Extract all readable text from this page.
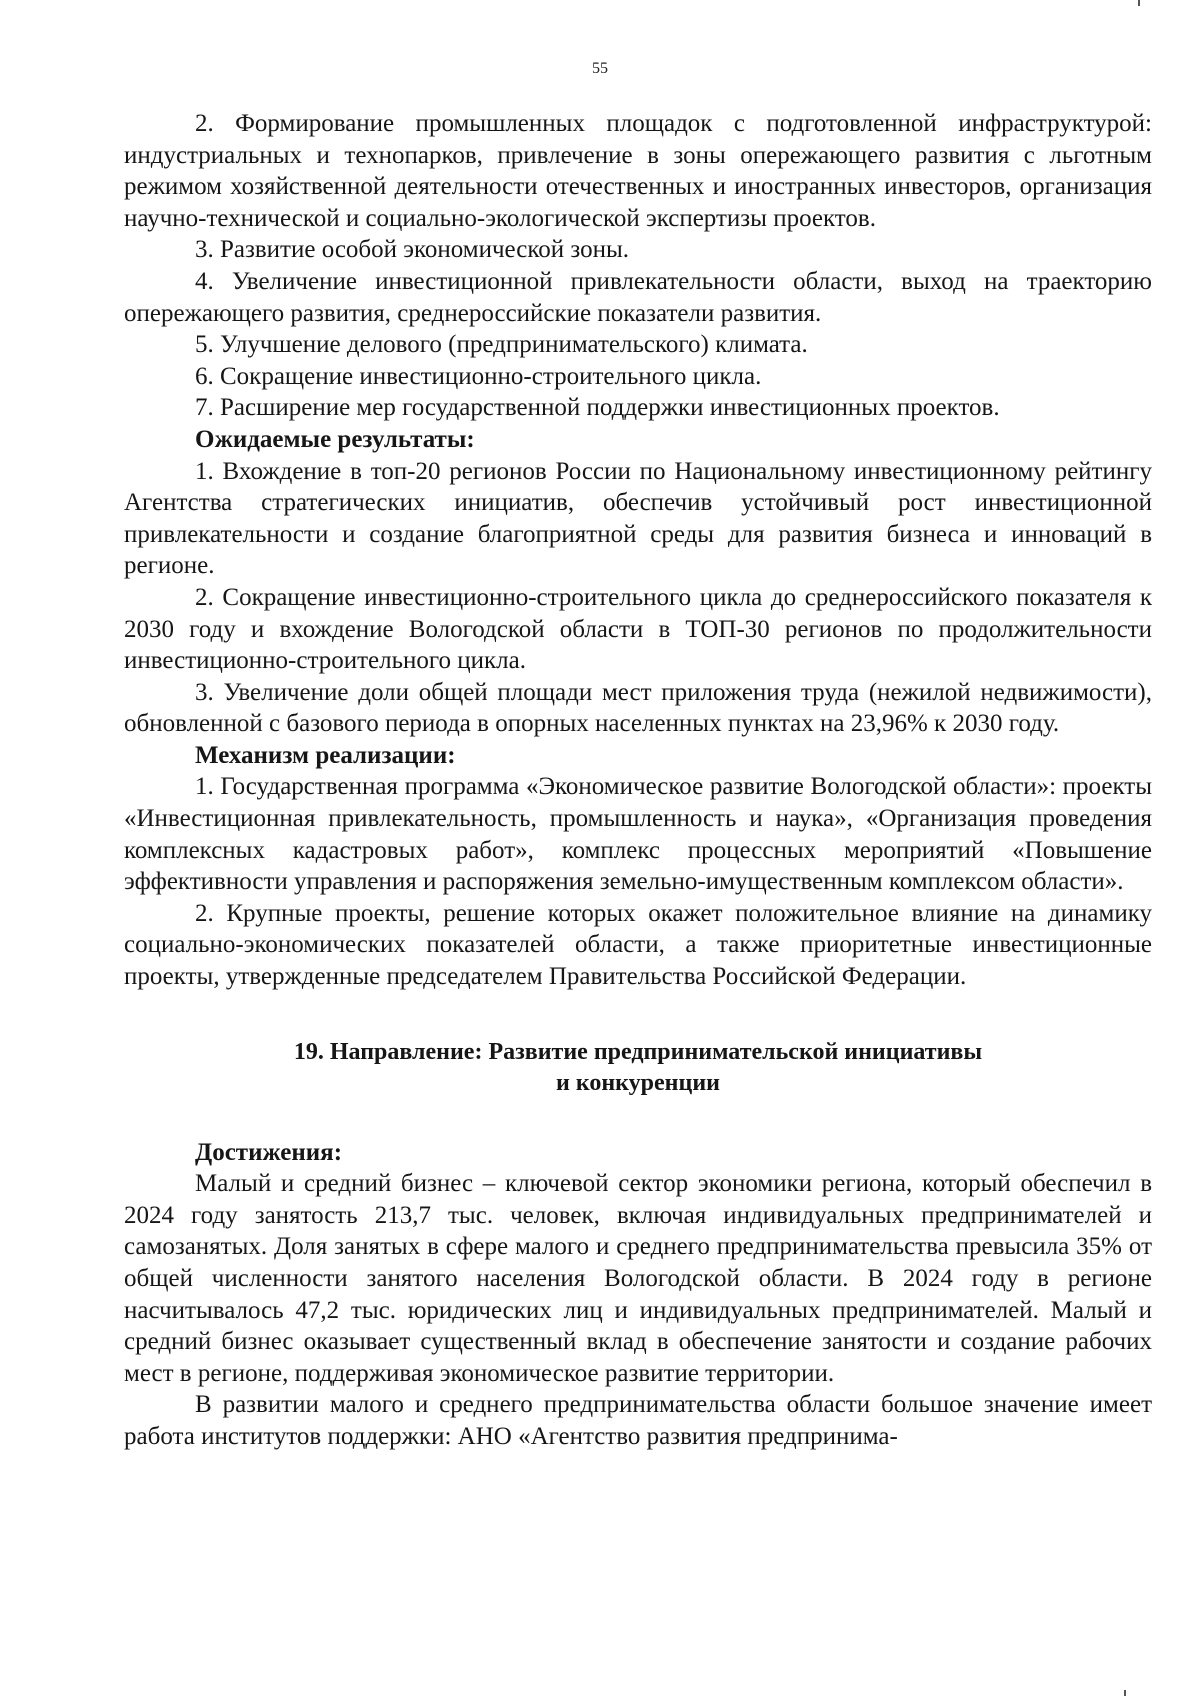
55

2. Формирование промышленных площадок с подготовленной инфраструктурой: индустриальных и технопарков, привлечение в зоны опережающего развития с льготным режимом хозяйственной деятельности отечественных и иностранных инвесторов, организация научно-технической и социально-экологической экспертизы проектов.

3. Развитие особой экономической зоны.

4. Увеличение инвестиционной привлекательности области, выход на траекторию опережающего развития, среднероссийские показатели развития.

5. Улучшение делового (предпринимательского) климата.

6. Сокращение инвестиционно-строительного цикла.

7. Расширение мер государственной поддержки инвестиционных проектов.

Ожидаемые результаты:

1. Вхождение в топ-20 регионов России по Национальному инвестиционному рейтингу Агентства стратегических инициатив, обеспечив устойчивый рост инвестиционной привлекательности и создание благоприятной среды для развития бизнеса и инноваций в регионе.

2. Сокращение инвестиционно-строительного цикла до среднероссийского показателя к 2030 году и вхождение Вологодской области в ТОП-30 регионов по продолжительности инвестиционно-строительного цикла.

3. Увеличение доли общей площади мест приложения труда (нежилой недвижимости), обновленной с базового периода в опорных населенных пунктах на 23,96% к 2030 году.

Механизм реализации:

1. Государственная программа «Экономическое развитие Вологодской области»: проекты «Инвестиционная привлекательность, промышленность и наука», «Организация проведения комплексных кадастровых работ», комплекс процессных мероприятий «Повышение эффективности управления и распоряжения земельно-имущественным комплексом области».

2. Крупные проекты, решение которых окажет положительное влияние на динамику социально-экономических показателей области, а также приоритетные инвестиционные проекты, утвержденные председателем Правительства Российской Федерации.

19. Направление: Развитие предпринимательской инициативы
и конкуренции

Достижения:

Малый и средний бизнес – ключевой сектор экономики региона, который обеспечил в 2024 году занятость 213,7 тыс. человек, включая индивидуальных предпринимателей и самозанятых. Доля занятых в сфере малого и среднего предпринимательства превысила 35% от общей численности занятого населения Вологодской области. В 2024 году в регионе насчитывалось 47,2 тыс. юридических лиц и индивидуальных предпринимателей. Малый и средний бизнес оказывает существенный вклад в обеспечение занятости и создание рабочих мест в регионе, поддерживая экономическое развитие территории.

В развитии малого и среднего предпринимательства области большое значение имеет работа институтов поддержки: АНО «Агентство развития предпринима-
